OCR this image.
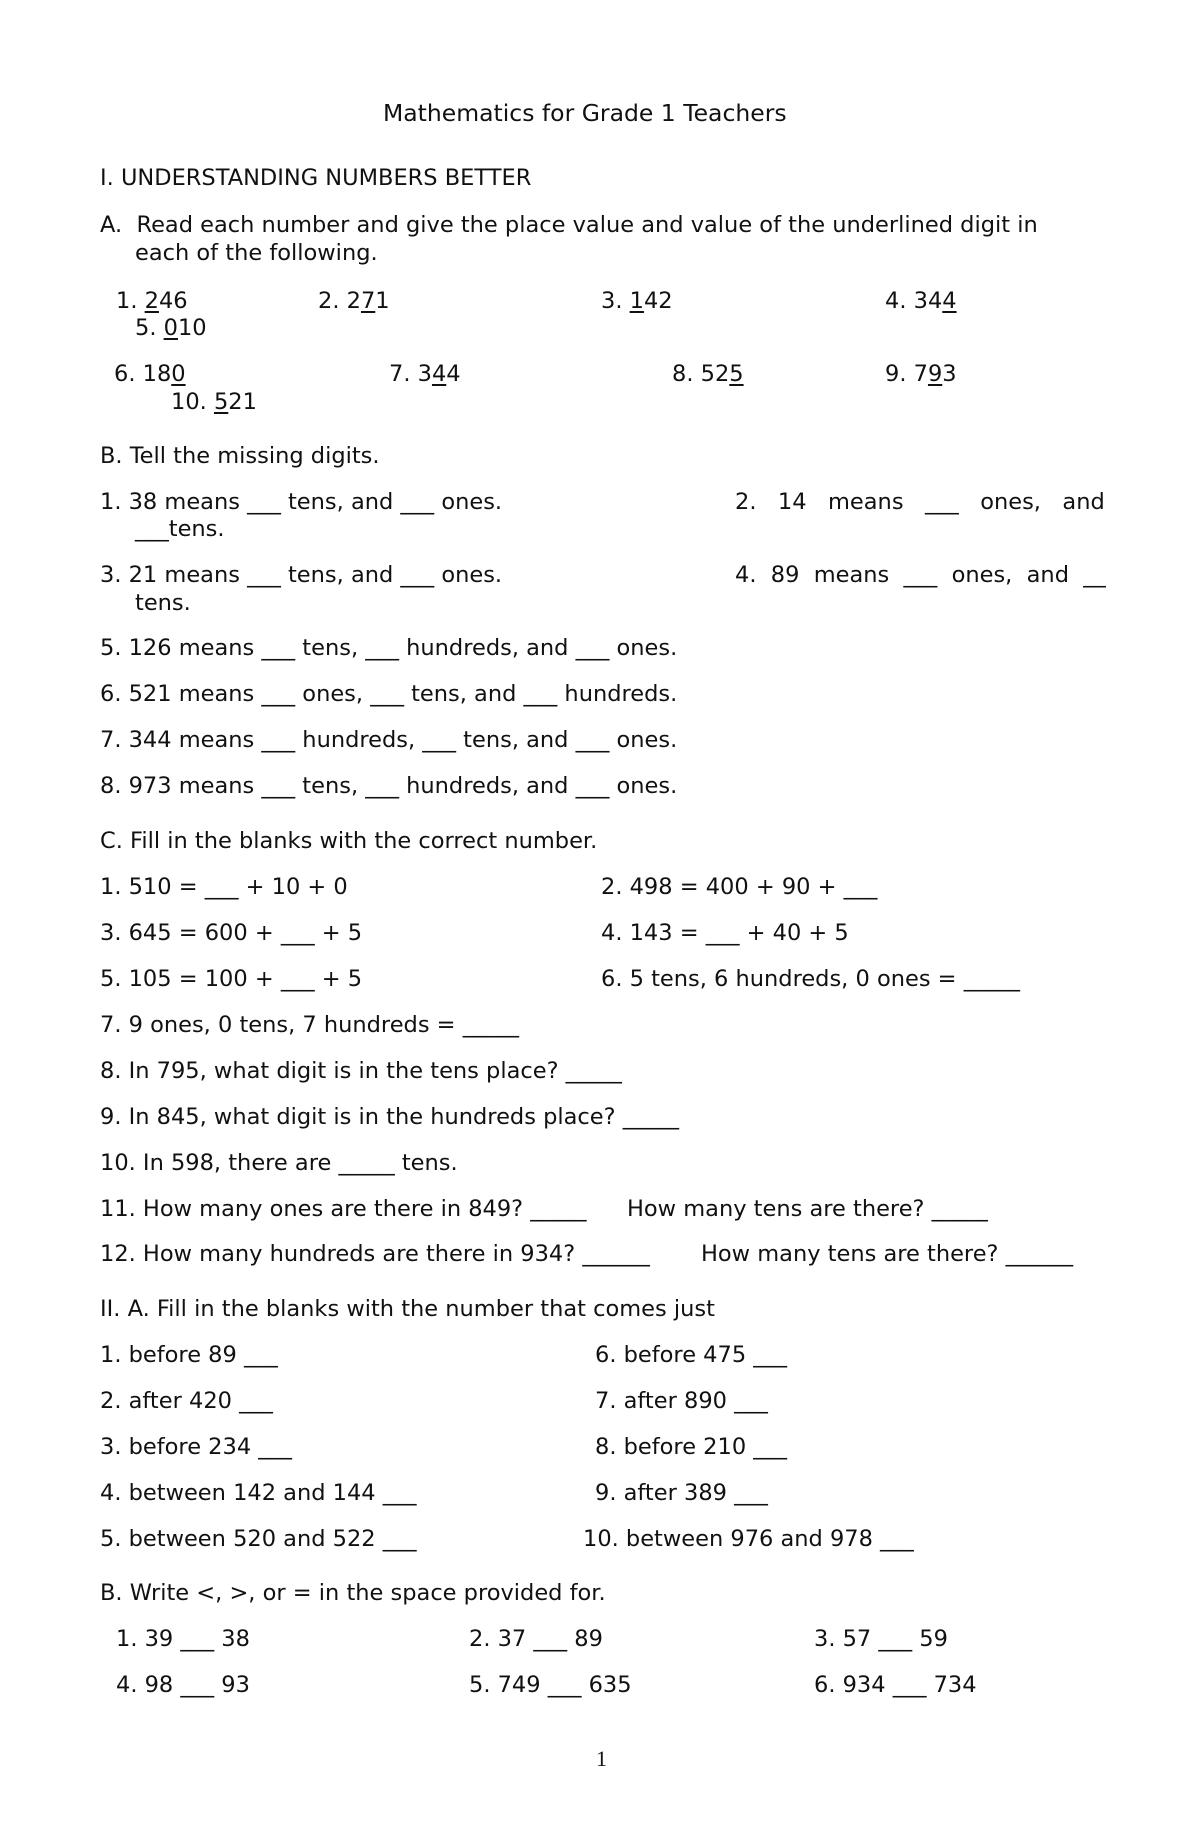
Mathematics for Grade 1 Teachers
I. UNDERSTANDING NUMBERS BETTER
A.  Read each number and give the place value and value of the underlined digit in
each of the following.
1. 246	2. 271	3. 142	4. 344
5. 010
6. 180	7. 344	8. 525	9. 793
10. 521
B. Tell the missing digits.
1. 38 means ___ tens, and ___ ones.	2.   14   means   ___   ones,   and
___tens.
3. 21 means ___ tens, and ___ ones.	4.  89  means  ___  ones,  and  __
tens.
5. 126 means ___ tens, ___ hundreds, and ___ ones.
6. 521 means ___ ones, ___ tens, and ___ hundreds.
7. 344 means ___ hundreds, ___ tens, and ___ ones.
8. 973 means ___ tens, ___ hundreds, and ___ ones.
C. Fill in the blanks with the correct number.
1. 510 = ___ + 10 + 0	2. 498 = 400 + 90 + ___
3. 645 = 600 + ___ + 5	4. 143 = ___ + 40 + 5
5. 105 = 100 + ___ + 5	6. 5 tens, 6 hundreds, 0 ones = _____
7. 9 ones, 0 tens, 7 hundreds = _____
8. In 795, what digit is in the tens place? _____
9. In 845, what digit is in the hundreds place? _____
10. In 598, there are _____ tens.
11. How many ones are there in 849? _____ How many tens are there? _____
12. How many hundreds are there in 934? ______ How many tens are there? ______
II. A. Fill in the blanks with the number that comes just
1. before 89 ___	6. before 475 ___
2. after 420 ___	7. after 890 ___
3. before 234 ___	8. before 210 ___
4. between 142 and 144 ___	9. after 389 ___
5. between 520 and 522 ___	10. between 976 and 978 ___
B. Write <, >, or = in the space provided for.
1. 39 ___ 38	2. 37 ___ 89	3. 57 ___ 59
4. 98 ___ 93	5. 749 ___ 635	6. 934 ___ 734
1
